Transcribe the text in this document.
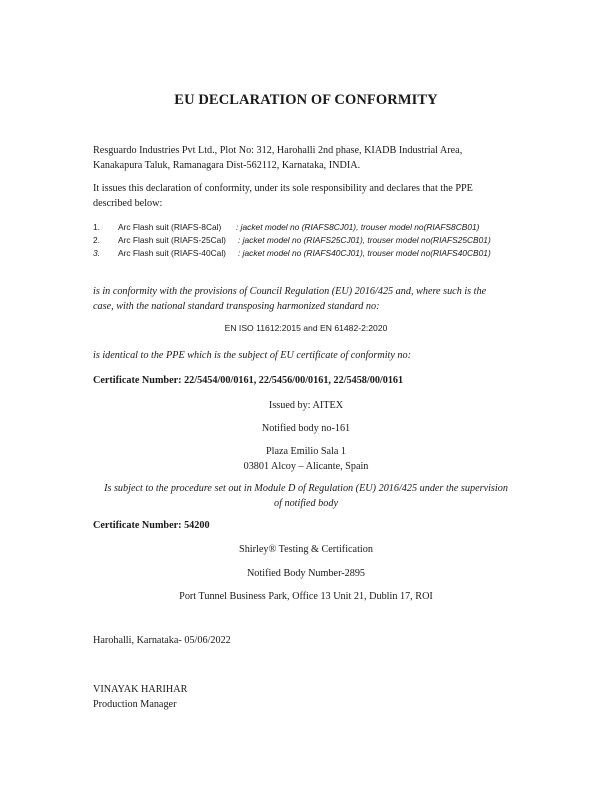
EU DECLARATION OF CONFORMITY
Resguardo Industries Pvt Ltd., Plot No: 312, Harohalli 2nd phase, KIADB Industrial Area,
Kanakapura Taluk, Ramanagara Dist-562112, Karnataka, INDIA.
It issues this declaration of conformity, under its sole responsibility and declares that the PPE
described below:
1. Arc Flash suit (RIAFS-8Cal) : jacket model no (RIAFS8CJ01), trouser model no(RIAFS8CB01)
2. Arc Flash suit (RIAFS-25Cal) : jacket model no (RIAFS25CJ01), trouser model no(RIAFS25CB01)
3. Arc Flash suit (RIAFS-40Cal) : jacket model no (RIAFS40CJ01), trouser model no(RIAFS40CB01)
is in conformity with the provisions of Council Regulation (EU) 2016/425 and, where such is the
case, with the national standard transposing harmonized standard no:
EN ISO 11612:2015 and EN 61482-2:2020
is identical to the PPE which is the subject of EU certificate of conformity no:
Certificate Number: 22/5454/00/0161, 22/5456/00/0161, 22/5458/00/0161
Issued by: AITEX
Notified body no-161
Plaza Emilio Sala 1
03801 Alcoy – Alicante, Spain
Is subject to the procedure set out in Module D of Regulation (EU) 2016/425 under the supervision
of notified body
Certificate Number: 54200
Shirley® Testing & Certification
Notified Body Number-2895
Port Tunnel Business Park, Office 13 Unit 21, Dublin 17, ROI
Harohalli, Karnataka- 05/06/2022
VINAYAK HARIHAR
Production Manager
